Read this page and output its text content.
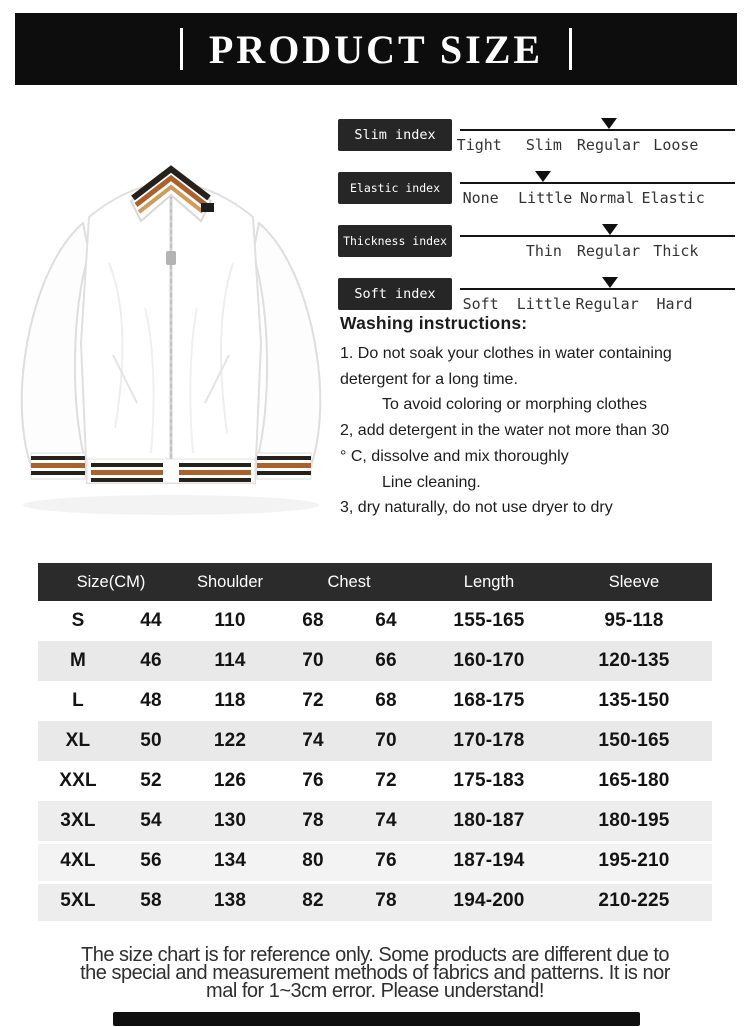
PRODUCT SIZE
Slim index
Tight Slim Regular Loose
Elastic index
None Little Normal Elastic
Thickness index
Thin Regular Thick
Soft index
Soft Little Regular Hard
Washing instructions:
1. Do not soak your clothes in water containing
detergent for a long time.
To avoid coloring or morphing clothes
2, add detergent in the water not more than 30
° C, dissolve and mix thoroughly
Line cleaning.
3, dry naturally, do not use dryer to dry
Size(CM)	Shoulder	Chest	Length	Sleeve
S	44	110	68	64	155-165	95-118
M	46	114	70	66	160-170	120-135
L	48	118	72	68	168-175	135-150
XL	50	122	74	70	170-178	150-165
XXL	52	126	76	72	175-183	165-180
3XL	54	130	78	74	180-187	180-195
4XL	56	134	80	76	187-194	195-210
5XL	58	138	82	78	194-200	210-225
The size chart is for reference only. Some products are different due to
the special and measurement methods of fabrics and patterns. It is nor
mal for 1~3cm error. Please understand!
